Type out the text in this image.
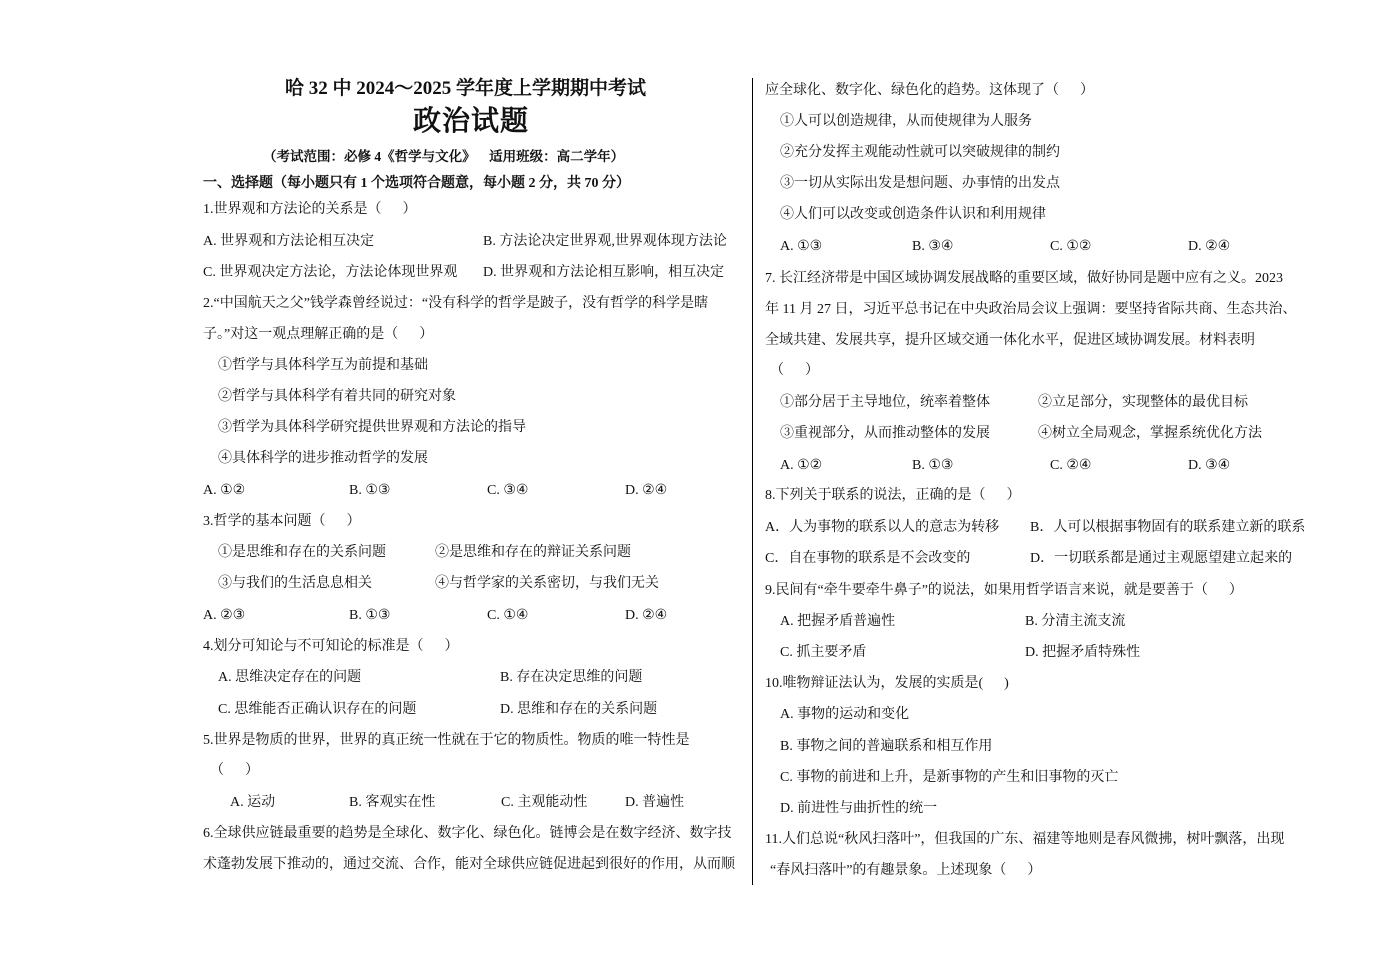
哈 32 中 2024～2025 学年度上学期期中考试
政治试题
（考试范围：必修 4《哲学与文化》    适用班级：高二学年）
一、选择题（每小题只有 1 个选项符合题意，每小题 2 分，共 70 分）
1.世界观和方法论的关系是（      ）
A. 世界观和方法论相互决定	B. 方法论决定世界观,世界观体现方法论
C. 世界观决定方法论，方法论体现世界观 D. 世界观和方法论相互影响，相互决定
2.“中国航天之父”钱学森曾经说过：“没有科学的哲学是跛子，没有哲学的科学是瞎
子。”对这一观点理解正确的是（      ）
①哲学与具体科学互为前提和基础
②哲学与具体科学有着共同的研究对象
③哲学为具体科学研究提供世界观和方法论的指导
④具体科学的进步推动哲学的发展
A. ①②	B. ①③	C. ③④	D. ②④
3.哲学的基本问题（      ）
①是思维和存在的关系问题	②是思维和存在的辩证关系问题
③与我们的生活息息相关	④与哲学家的关系密切，与我们无关
A. ②③	B. ①③	C. ①④	D. ②④
4.划分可知论与不可知论的标准是（      ）
A. 思维决定存在的问题	B. 存在决定思维的问题
C. 思维能否正确认识存在的问题	D. 思维和存在的关系问题
5.世界是物质的世界，世界的真正统一性就在于它的物质性。物质的唯一特性是
（      ）
A. 运动	B. 客观实在性	C. 主观能动性	D. 普遍性
6.全球供应链最重要的趋势是全球化、数字化、绿色化。链博会是在数字经济、数字技
术蓬勃发展下推动的，通过交流、合作，能对全球供应链促进起到很好的作用，从而顺
应全球化、数字化、绿色化的趋势。这体现了（      ）
①人可以创造规律，从而使规律为人服务
②充分发挥主观能动性就可以突破规律的制约
③一切从实际出发是想问题、办事情的出发点
④人们可以改变或创造条件认识和利用规律
A. ①③	B. ③④	C. ①②	D. ②④
7. 长江经济带是中国区域协调发展战略的重要区域，做好协同是题中应有之义。2023
年 11 月 27 日，习近平总书记在中央政治局会议上强调：要坚持省际共商、生态共治、
全域共建、发展共享，提升区域交通一体化水平，促进区域协调发展。材料表明
（      ）
①部分居于主导地位，统率着整体	②立足部分，实现整体的最优目标
③重视部分，从而推动整体的发展	④树立全局观念，掌握系统优化方法
A. ①②	B. ①③	C. ②④	D. ③④
8.下列关于联系的说法，正确的是（      ）
A．人为事物的联系以人的意志为转移 B．人可以根据事物固有的联系建立新的联系
C．自在事物的联系是不会改变的	D．一切联系都是通过主观愿望建立起来的
9.民间有“牵牛要牵牛鼻子”的说法，如果用哲学语言来说，就是要善于（      ）
A. 把握矛盾普遍性	B. 分清主流支流
C. 抓主要矛盾	D. 把握矛盾特殊性
10.唯物辩证法认为，发展的实质是(      )
A. 事物的运动和变化
B. 事物之间的普遍联系和相互作用
C. 事物的前进和上升，是新事物的产生和旧事物的灭亡
D. 前进性与曲折性的统一
11.人们总说“秋风扫落叶”，但我国的广东、福建等地则是春风微拂，树叶飘落，出现
“春风扫落叶”的有趣景象。上述现象（      ）
